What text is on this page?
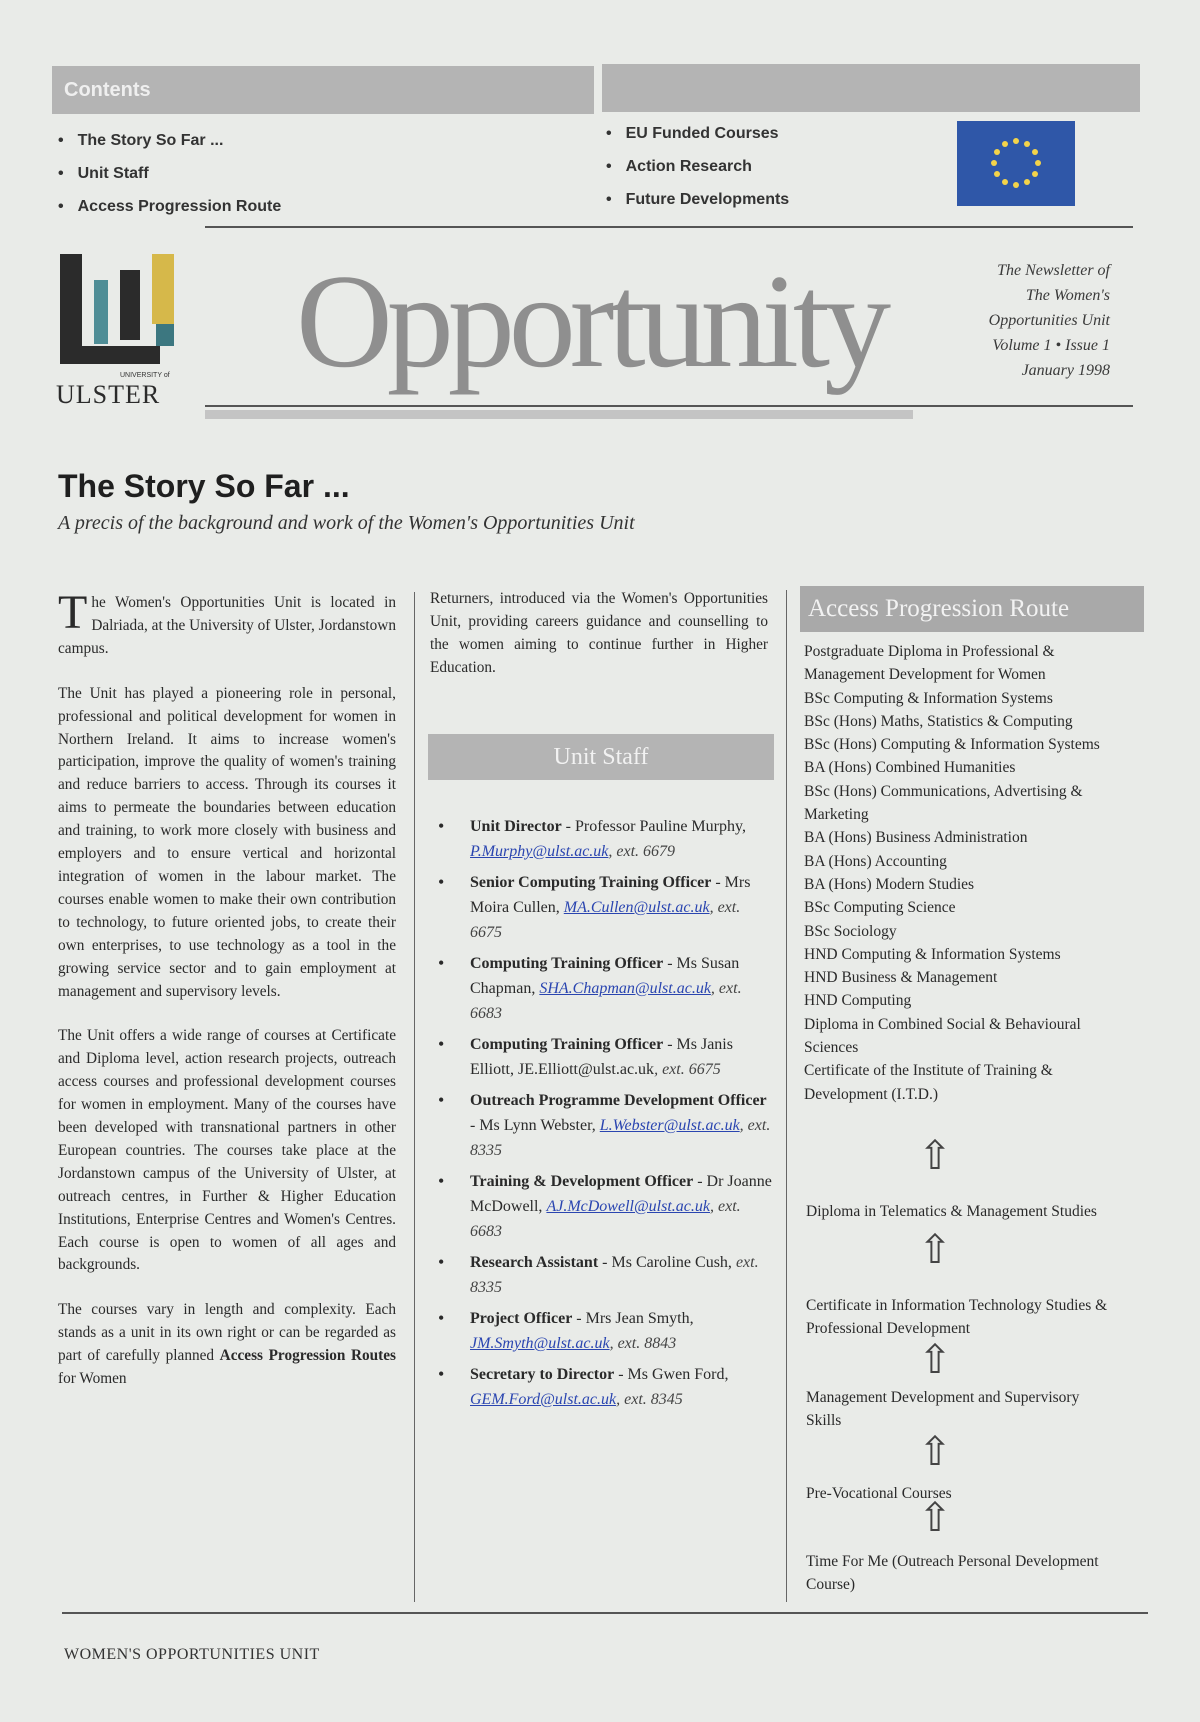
Contents
• The Story So Far ...
• Unit Staff
• Access Progression Route
• EU Funded Courses
• Action Research
• Future Developments
UNIVERSITY of
ULSTER Opportunity	The Newsletter of
The Women's
Opportunities Unit
Volume 1 • Issue 1
January 1998
The Story So Far ...
A precis of the background and work of the Women's Opportunities Unit

The Women's Opportunities Unit is located in Dalriada, at the University of Ulster, Jordanstown campus.

The Unit has played a pioneering role in personal, professional and political development for women in Northern Ireland. It aims to increase women's participation, improve the quality of women's training and reduce barriers to access. Through its courses it aims to permeate the boundaries between education and training, to work more closely with business and employers and to ensure vertical and horizontal integration of women in the labour market. The courses enable women to make their own contribution to technology, to future oriented jobs, to create their own enterprises, to use technology as a tool in the growing service sector and to gain employment at management and supervisory levels.

The Unit offers a wide range of courses at Certificate and Diploma level, action research projects, outreach access courses and professional development courses for women in employment. Many of the courses have been developed with transnational partners in other European countries. The courses take place at the Jordanstown campus of the University of Ulster, at outreach centres, in Further & Higher Education Institutions, Enterprise Centres and Women's Centres. Each course is open to women of all ages and backgrounds.

The courses vary in length and complexity. Each stands as a unit in its own right or can be regarded as part of carefully planned Access Progression Routes for Women

Returners, introduced via the Women's Opportunities Unit, providing careers guidance and counselling to the women aiming to continue further in Higher Education.
Unit Staff
• Unit Director - Professor Pauline Murphy, P.Murphy@ulst.ac.uk, ext. 6679
• Senior Computing Training Officer - Mrs Moira Cullen, MA.Cullen@ulst.ac.uk, ext. 6675
• Computing Training Officer - Ms Susan Chapman, SHA.Chapman@ulst.ac.uk, ext. 6683
• Computing Training Officer - Ms Janis Elliott, JE.Elliott@ulst.ac.uk, ext. 6675
• Outreach Programme Development Officer - Ms Lynn Webster, L.Webster@ulst.ac.uk, ext. 8335
• Training & Development Officer - Dr Joanne McDowell, AJ.McDowell@ulst.ac.uk, ext. 6683
• Research Assistant - Ms Caroline Cush, ext. 8335
• Project Officer - Mrs Jean Smyth, JM.Smyth@ulst.ac.uk, ext. 8843
• Secretary to Director - Ms Gwen Ford, GEM.Ford@ulst.ac.uk, ext. 8345
Access Progression Route
Postgraduate Diploma in Professional & Management Development for Women
BSc Computing & Information Systems
BSc (Hons) Maths, Statistics & Computing
BSc (Hons) Computing & Information Systems
BA (Hons) Combined Humanities
BSc (Hons) Communications, Advertising & Marketing
BA (Hons) Business Administration
BA (Hons) Accounting
BA (Hons) Modern Studies
BSc Computing Science
BSc Sociology
HND Computing & Information Systems
HND Business & Management
HND Computing
Diploma in Combined Social & Behavioural Sciences
Certificate of the Institute of Training & Development (I.T.D.)
⇧
Diploma in Telematics & Management Studies
⇧
Certificate in Information Technology Studies & Professional Development
⇧
Management Development and Supervisory Skills
⇧
Pre-Vocational Courses
⇧
Time For Me (Outreach Personal Development Course)
WOMEN'S OPPORTUNITIES UNIT
